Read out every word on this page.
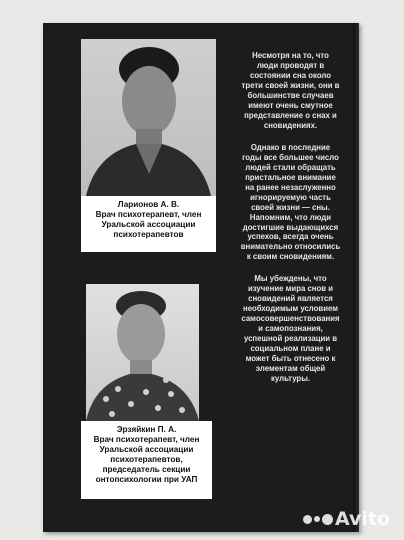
Ларионов А. В.
Врач психотерапевт, член
Уральской ассоциации
психотерапевтов
Эрзяйкин П. А.
Врач психотерапевт, член
Уральской ассоциации
психотерапевтов,
председатель секции
онтопсихологии при УАП
Несмотря на то, что
люди проводят в
состоянии сна около
трети своей жизни, они в
большинстве случаев
имеют очень смутное
представление о снах и
сновидениях.
Однако в последние
годы все большее число
людей стали обращать
пристальное внимание
на ранее незаслуженно
игнорируемую часть
своей жизни — сны.
Напомним, что люди
достигшие выдающихся
успехов, всегда очень
внимательно относились
к своим сновидениям.
Мы убеждены, что
изучение мира снов и
сновидений является
необходимым условием
самосовершенствования
и самопознания,
успешной реализации в
социальном плане и
может быть отнесено к
элементам общей
культуры.
Avito
